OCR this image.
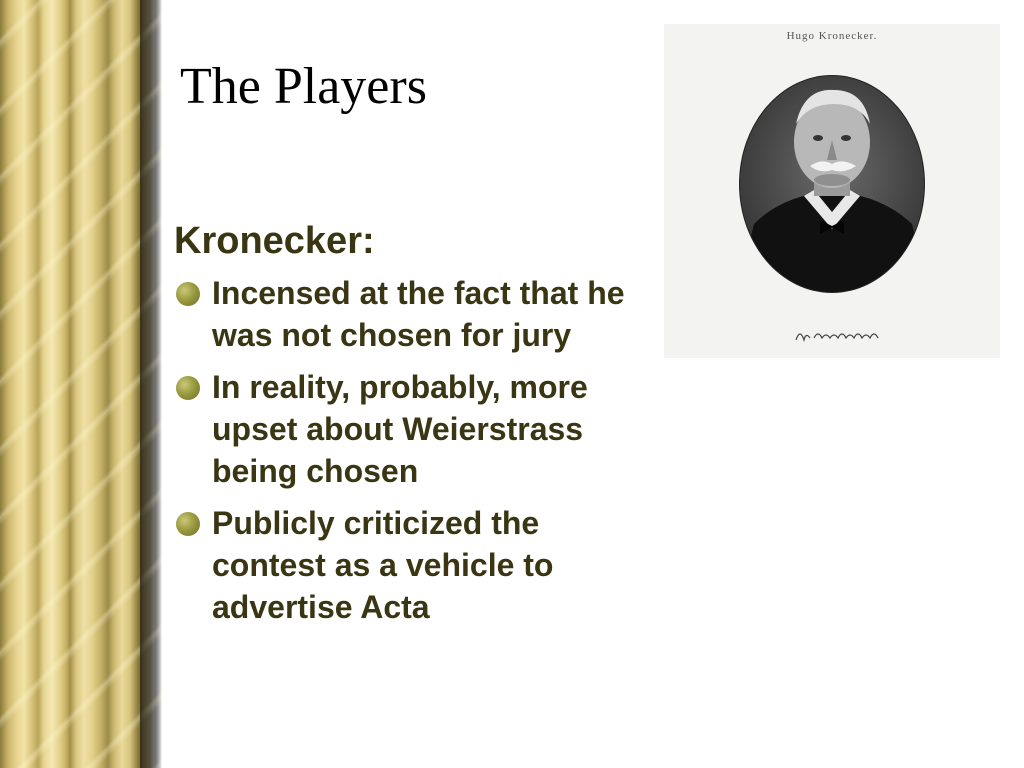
The Players
Kronecker:
Incensed at the fact that he was not chosen for jury
In reality, probably, more upset about Weierstrass being chosen
Publicly criticized the contest as a vehicle to advertise Acta
Hugo Kronecker.
